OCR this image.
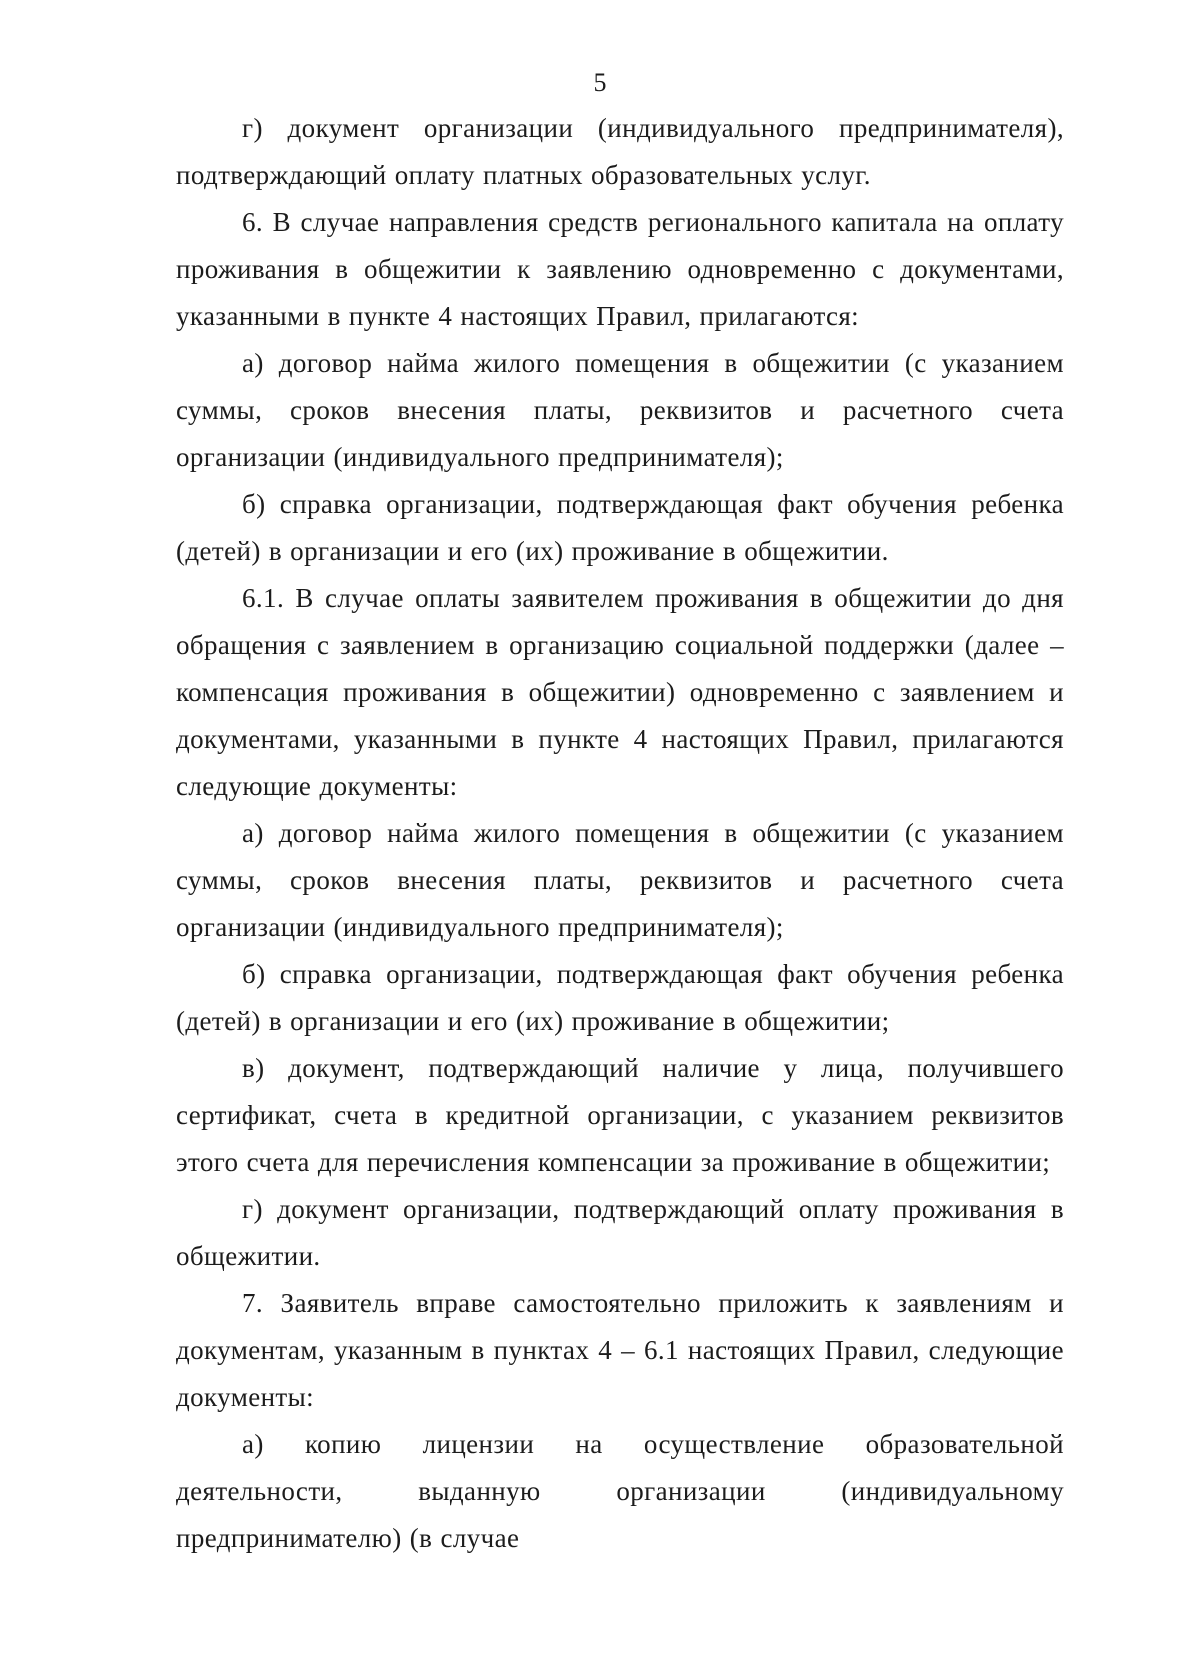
5

г) документ организации (индивидуального предпринимателя), подтверждающий оплату платных образовательных услуг.

6. В случае направления средств регионального капитала на оплату проживания в общежитии к заявлению одновременно с документами, указанными в пункте 4 настоящих Правил, прилагаются:

а) договор найма жилого помещения в общежитии (с указанием суммы, сроков внесения платы, реквизитов и расчетного счета организации (индивидуального предпринимателя);

б) справка организации, подтверждающая факт обучения ребенка (детей) в организации и его (их) проживание в общежитии.

6.1. В случае оплаты заявителем проживания в общежитии до дня обращения с заявлением в организацию социальной поддержки (далее – компенсация проживания в общежитии) одновременно с заявлением и документами, указанными в пункте 4 настоящих Правил, прилагаются следующие документы:

а) договор найма жилого помещения в общежитии (с указанием суммы, сроков внесения платы, реквизитов и расчетного счета организации (индивидуального предпринимателя);

б) справка организации, подтверждающая факт обучения ребенка (детей) в организации и его (их) проживание в общежитии;

в) документ, подтверждающий наличие у лица, получившего сертификат, счета в кредитной организации, с указанием реквизитов этого счета для перечисления компенсации за проживание в общежитии;

г) документ организации, подтверждающий оплату проживания в общежитии.

7. Заявитель вправе самостоятельно приложить к заявлениям и документам, указанным в пунктах 4 – 6.1 настоящих Правил, следующие документы:

а) копию лицензии на осуществление образовательной деятельности, выданную организации (индивидуальному предпринимателю) (в случае
